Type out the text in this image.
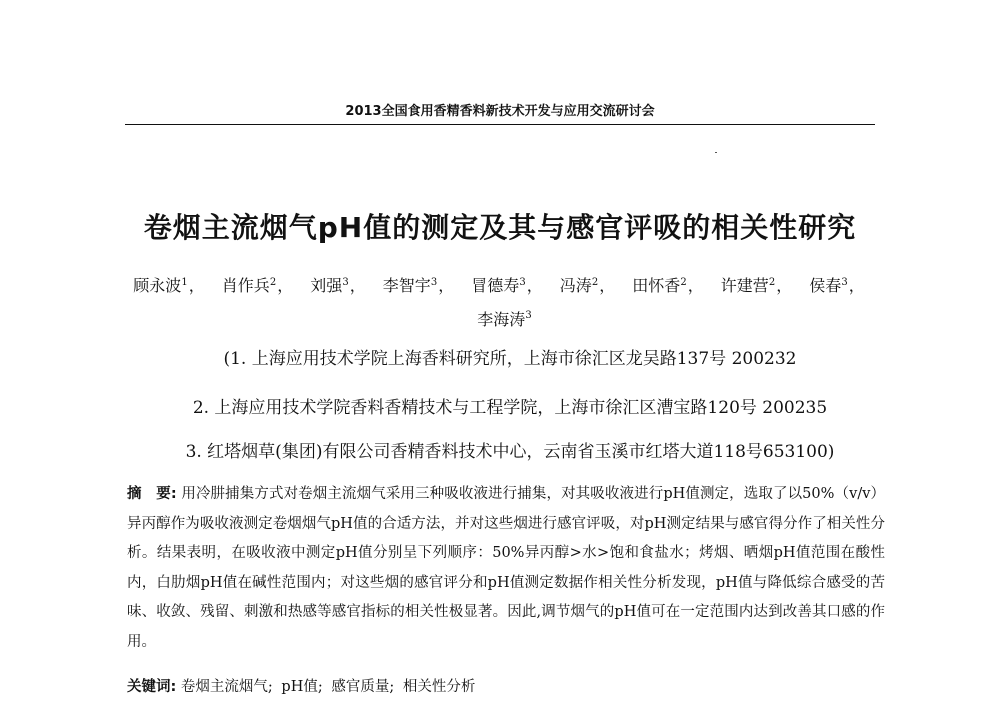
2013全国食用香精香料新技术开发与应用交流研讨会
卷烟主流烟气pH值的测定及其与感官评吸的相关性研究
顾永波$^1$， 肖作兵$^2$， 刘强$^3$， 李智宇$^3$， 冒德寿$^3$， 冯涛$^2$， 田怀香$^2$， 许建营$^2$， 侯春$^3$，
李海涛$^3$
(1. 上海应用技术学院上海香料研究所，上海市徐汇区龙吴路137号 200232
2. 上海应用技术学院香料香精技术与工程学院，上海市徐汇区漕宝路120号 200235
3. 红塔烟草(集团)有限公司香精香料技术中心，云南省玉溪市红塔大道118号653100)
摘　要: 用冷肼捕集方式对卷烟主流烟气采用三种吸收液进行捕集，对其吸收液进行pH值测定，选取了以50%（v/v）异丙醇作为吸收液测定卷烟烟气pH值的合适方法，并对这些烟进行感官评吸，对pH测定结果与感官得分作了相关性分析。结果表明，在吸收液中测定pH值分别呈下列顺序：50%异丙醇>水>饱和食盐水；烤烟、晒烟pH值范围在酸性内，白肋烟pH值在碱性范围内；对这些烟的感官评分和pH值测定数据作相关性分析发现，pH值与降低综合感受的苦味、收敛、残留、刺激和热感等感官指标的相关性极显著。因此,调节烟气的pH值可在一定范围内达到改善其口感的作用。
关键词: 卷烟主流烟气; pH值; 感官质量; 相关性分析
